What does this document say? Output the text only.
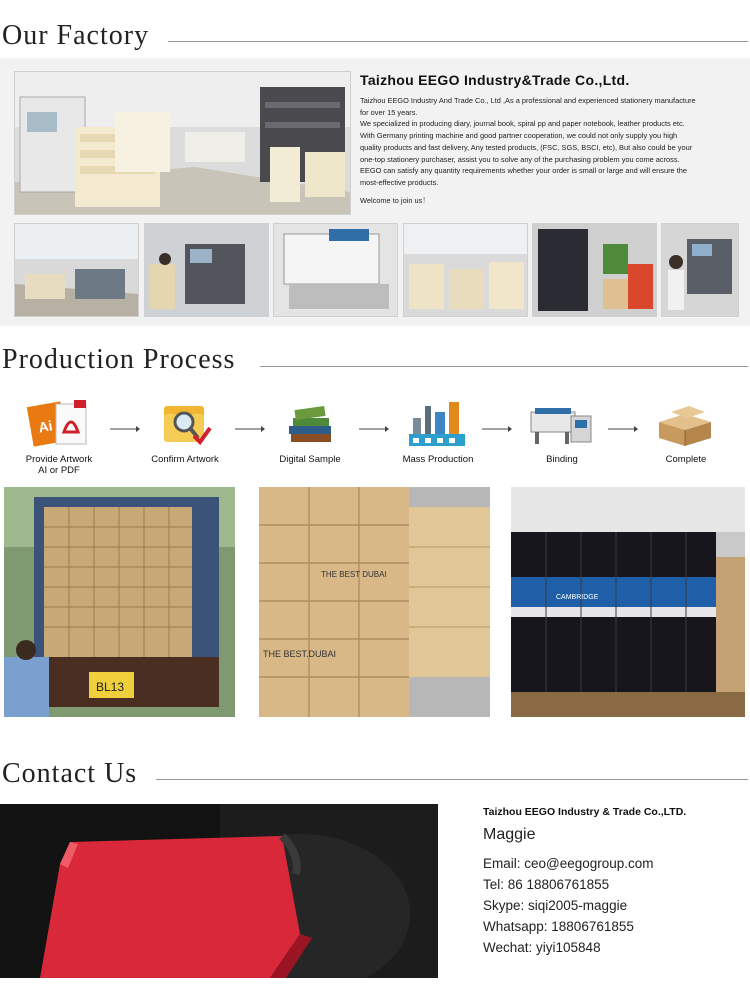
Our Factory
Taizhou EEGO Industry&Trade Co.,Ltd.

Taizhou EEGO Industry And Trade Co., Ltd ,As a professional and experienced stationery manufacture for over 15 years.

We specialized in producing diary, journal book, spiral pp and paper notebook, leather products etc. With Germany printing machine and good partner cooperation, we could not only supply you high quality products and fast delivery, Any tested products, (FSC, SGS, BSCI, etc), But also could be your one-top stationery purchaser, assist you to solve any of the purchasing problem you come across.

EEGO can satisfy any quantity requirements whether your order is small or large and will ensure the most-effective products.

Welcome to join us！

Production Process
Ai
Provide Artwork
AI or PDF
Confirm Artwork	Digital Sample	Mass Production	Binding	Complete
BL13
THE BEST DUBAI
THE BEST.DUBAI
CAMBRIDGE
Contact Us
Taizhou EEGO Industry & Trade Co.,LTD.
Maggie
Email: ceo@eegogroup.com
Tel: 86 18806761855
Skype: siqi2005-maggie
Whatsapp: 18806761855
Wechat: yiyi105848
